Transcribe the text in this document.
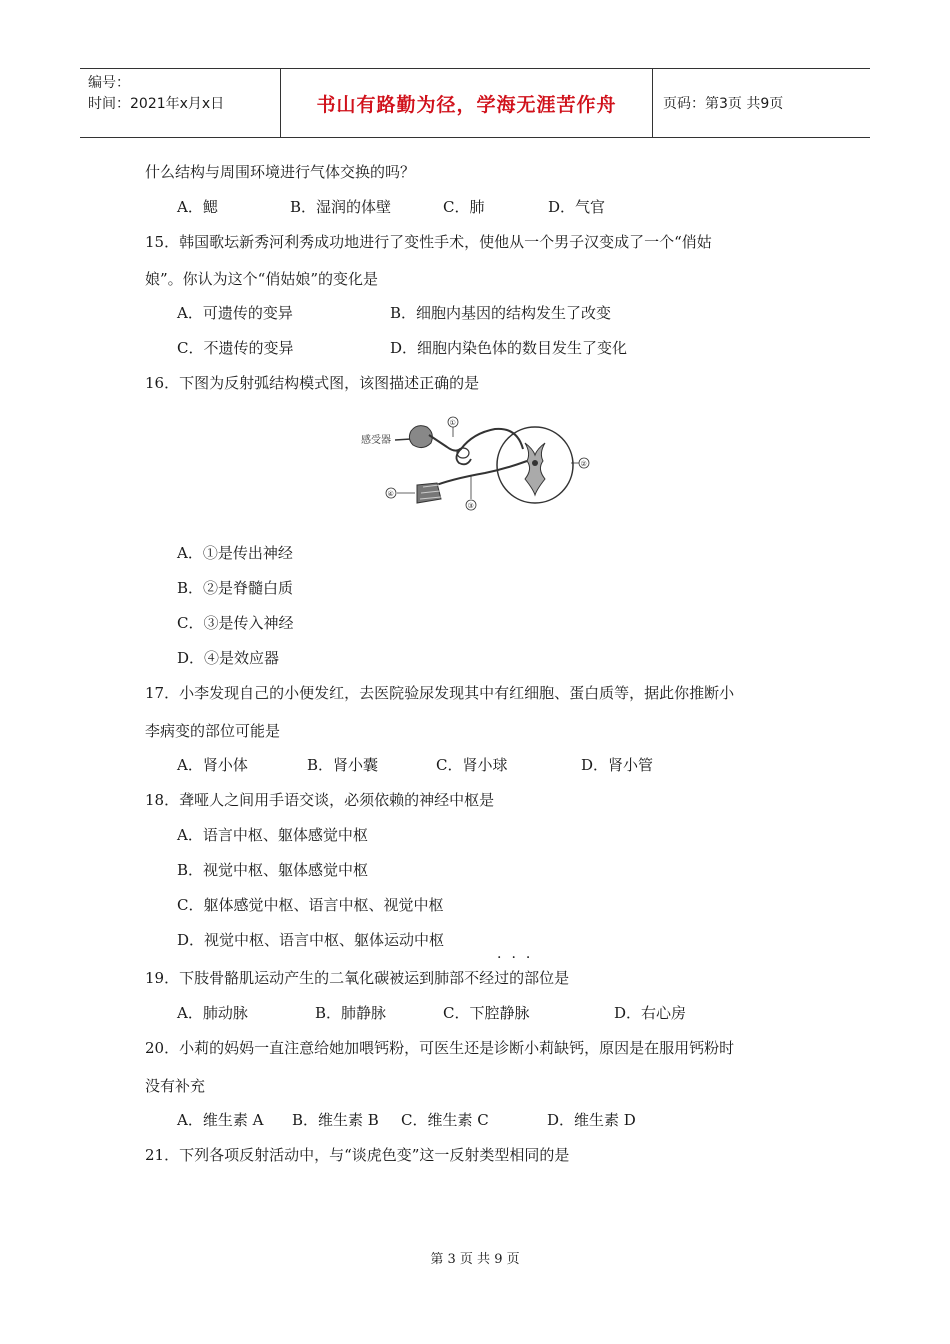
编号：
时间：2021年x月x日	书山有路勤为径，学海无涯苦作舟	页码：第3页 共9页
什么结构与周围环境进行气体交换的吗？
A．鳃	B．湿润的体壁	C．肺	D．气官
15．韩国歌坛新秀河利秀成功地进行了变性手术，使他从一个男子汉变成了一个“俏姑
娘”。你认为这个“俏姑娘”的变化是
A．可遗传的变异	B．细胞内基因的结构发生了改变
C．不遗传的变异	D．细胞内染色体的数目发生了变化
16．下图为反射弧结构模式图，该图描述正确的是
感受器
①
②
③
④
A．①是传出神经
B．②是脊髓白质
C．③是传入神经
D．④是效应器
17．小李发现自己的小便发红，去医院验尿发现其中有红细胞、蛋白质等，据此你推断小
李病变的部位可能是
A．肾小体	B．肾小囊	C．肾小球	D．肾小管
18．聋哑人之间用手语交谈，必须依赖的神经中枢是
A．语言中枢、躯体感觉中枢
B．视觉中枢、躯体感觉中枢
C．躯体感觉中枢、语言中枢、视觉中枢
D．视觉中枢、语言中枢、躯体运动中枢
···
19．下肢骨骼肌运动产生的二氧化碳被运到肺部不经过的部位是
A．肺动脉	B．肺静脉	C．下腔静脉	D．右心房
20．小莉的妈妈一直注意给她加喂钙粉，可医生还是诊断小莉缺钙，原因是在服用钙粉时
没有补充
A．维生素 A B．维生素 B C．维生素 C	D．维生素 D
21．下列各项反射活动中，与“谈虎色变”这一反射类型相同的是
第 3 页 共 9 页
